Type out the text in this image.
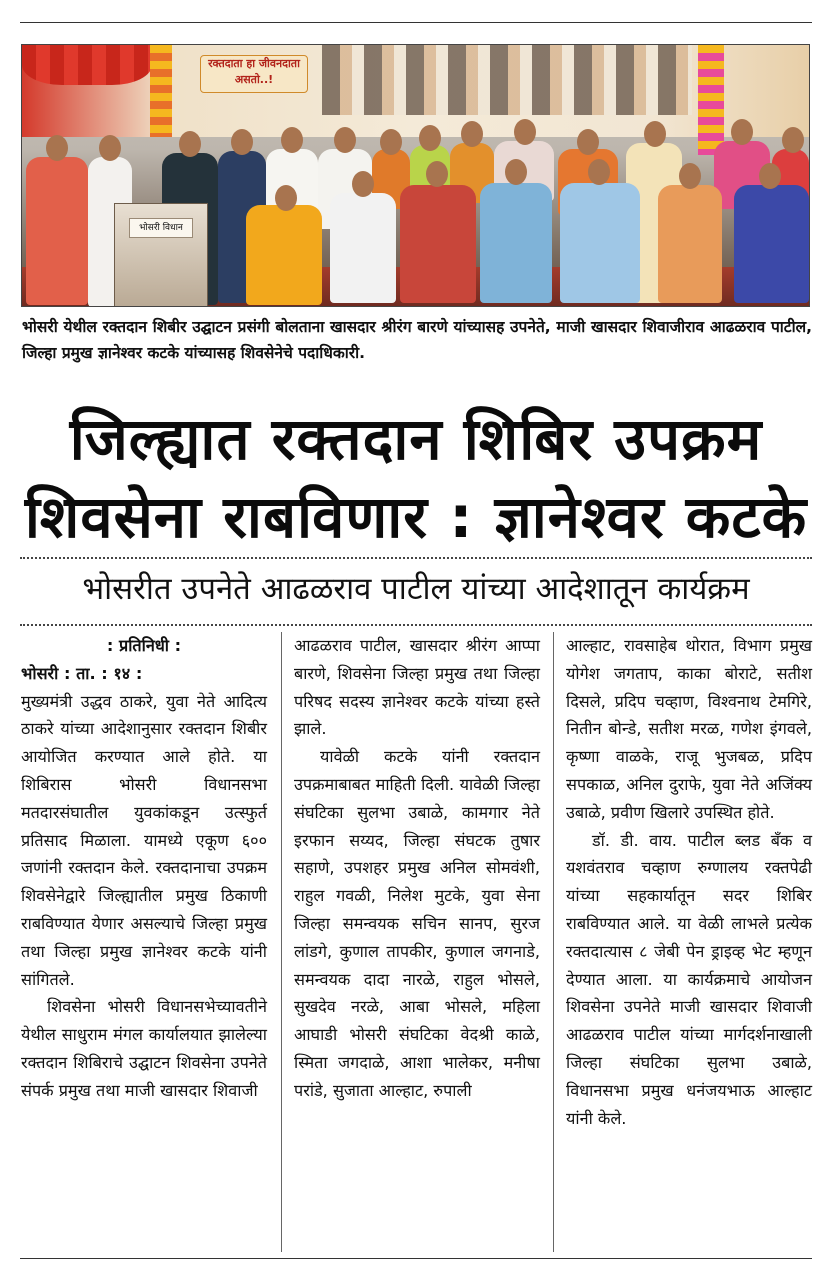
रक्तदाता हा जीवनदाता असतो..!
भोसरी विधान
भोसरी येथील रक्तदान शिबीर उद्घाटन प्रसंगी बोलताना खासदार श्रीरंग बारणे यांच्यासह उपनेते, माजी खासदार शिवाजीराव आढळराव पाटील, जिल्हा प्रमुख ज्ञानेश्वर कटके यांच्यासह शिवसेनेचे पदाधिकारी.
जिल्ह्यात रक्तदान शिबिर उपक्रम
शिवसेना राबविणार : ज्ञानेश्वर कटके
भोसरीत उपनेते आढळराव पाटील यांच्या आदेशातून कार्यक्रम

: प्रतिनिधी :

भोसरी : ता. : १४ :

मुख्यमंत्री उद्धव ठाकरे, युवा नेते आदित्य ठाकरे यांच्या आदेशानुसार रक्तदान शिबीर आयोजित करण्यात आले होते. या शिबिरास भोसरी विधानसभा मतदारसंघातील युवकांकडून उत्स्फुर्त प्रतिसाद मिळाला. यामध्ये एकूण ६०० जणांनी रक्तदान केले. रक्तदानाचा उपक्रम शिवसेनेद्वारे जिल्ह्यातील प्रमुख ठिकाणी राबविण्यात येणार असल्याचे जिल्हा प्रमुख तथा जिल्हा प्रमुख ज्ञानेश्वर कटके यांनी सांगितले.

शिवसेना भोसरी विधानसभेच्यावतीने येथील साधुराम मंगल कार्यालयात झालेल्या रक्तदान शिबिराचे उद्घाटन शिवसेना उपनेते संपर्क प्रमुख तथा माजी खासदार शिवाजी

आढळराव पाटील, खासदार श्रीरंग आप्पा बारणे, शिवसेना जिल्हा प्रमुख तथा जिल्हा परिषद सदस्य ज्ञानेश्वर कटके यांच्या हस्ते झाले.

यावेळी कटके यांनी रक्तदान उपक्रमाबाबत माहिती दिली. यावेळी जिल्हा संघटिका सुलभा उबाळे, कामगार नेते इरफान सय्यद, जिल्हा संघटक तुषार सहाणे, उपशहर प्रमुख अनिल सोमवंशी, राहुल गवळी, निलेश मुटके, युवा सेना जिल्हा समन्वयक सचिन सानप, सुरज लांडगे, कुणाल तापकीर, कुणाल जगनाडे, समन्वयक दादा नारळे, राहुल भोसले, सुखदेव नरळे, आबा भोसले, महिला आघाडी भोसरी संघटिका वेदश्री काळे, स्मिता जगदाळे, आशा भालेकर, मनीषा परांडे, सुजाता आल्हाट, रुपाली

आल्हाट, रावसाहेब थोरात, विभाग प्रमुख योगेश जगताप, काका बोराटे, सतीश दिसले, प्रदिप चव्हाण, विश्वनाथ टेमगिरे, नितीन बोन्डे, सतीश मरळ, गणेश इंगवले, कृष्णा वाळके, राजू भुजबळ, प्रदिप सपकाळ, अनिल दुराफे, युवा नेते अजिंक्य उबाळे, प्रवीण खिलारे उपस्थित होते.

डॉ. डी. वाय. पाटील ब्लड बँक व यशवंतराव चव्हाण रुग्णालय रक्तपेढी यांच्या सहकार्यातून सदर शिबिर राबविण्यात आले. या वेळी लाभले प्रत्येक रक्तदात्यास ८ जेबी पेन ड्राइव्ह भेट म्हणून देण्यात आला. या कार्यक्रमाचे आयोजन शिवसेना उपनेते माजी खासदार शिवाजी आढळराव पाटील यांच्या मार्गदर्शनाखाली जिल्हा संघटिका सुलभा उबाळे, विधानसभा प्रमुख धनंजयभाऊ आल्हाट यांनी केले.
